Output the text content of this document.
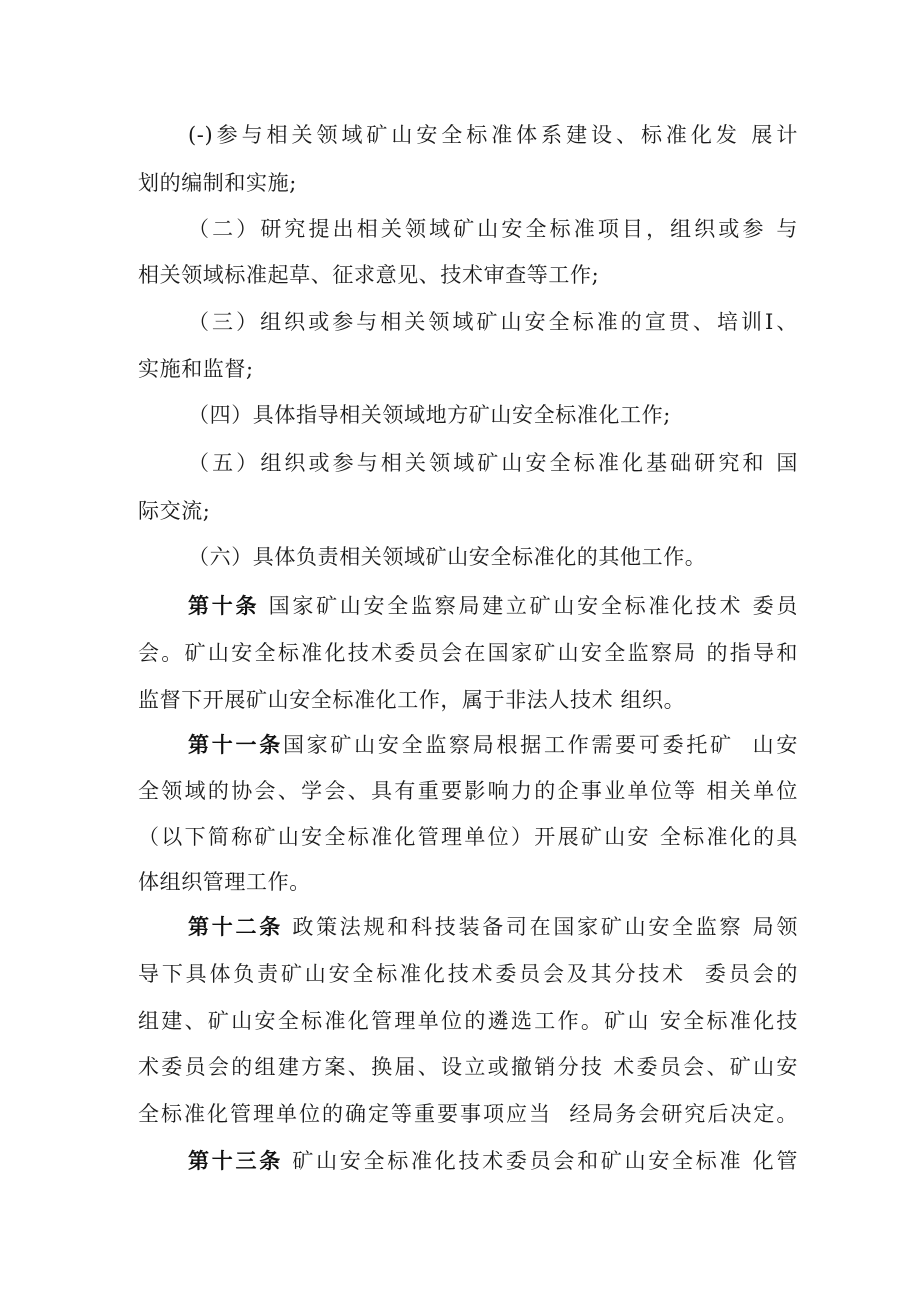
(-)参与相关领域矿山安全标准体系建设、标准化发 展计
划的编制和实施;
（二）研究提出相关领域矿山安全标准项目，组织或参 与
相关领域标准起草、征求意见、技术审查等工作;
（三）组织或参与相关领域矿山安全标准的宣贯、培训I、
实施和监督;
（四）具体指导相关领域地方矿山安全标准化工作;
（五）组织或参与相关领域矿山安全标准化基础研究和 国
际交流;
（六）具体负责相关领域矿山安全标准化的其他工作。
第十条 国家矿山安全监察局建立矿山安全标准化技术 委员
会。矿山安全标准化技术委员会在国家矿山安全监察局 的指导和
监督下开展矿山安全标准化工作，属于非法人技术 组织。
第十一条国家矿山安全监察局根据工作需要可委托矿  山安
全领域的协会、学会、具有重要影响力的企事业单位等 相关单位
（以下简称矿山安全标准化管理单位）开展矿山安 全标准化的具
体组织管理工作。
第十二条 政策法规和科技装备司在国家矿山安全监察 局领
导下具体负责矿山安全标准化技术委员会及其分技术  委员会的
组建、矿山安全标准化管理单位的遴选工作。矿山 安全标准化技
术委员会的组建方案、换届、设立或撤销分技 术委员会、矿山安
全标准化管理单位的确定等重要事项应当  经局务会研究后决定。
第十三条 矿山安全标准化技术委员会和矿山安全标准 化管
